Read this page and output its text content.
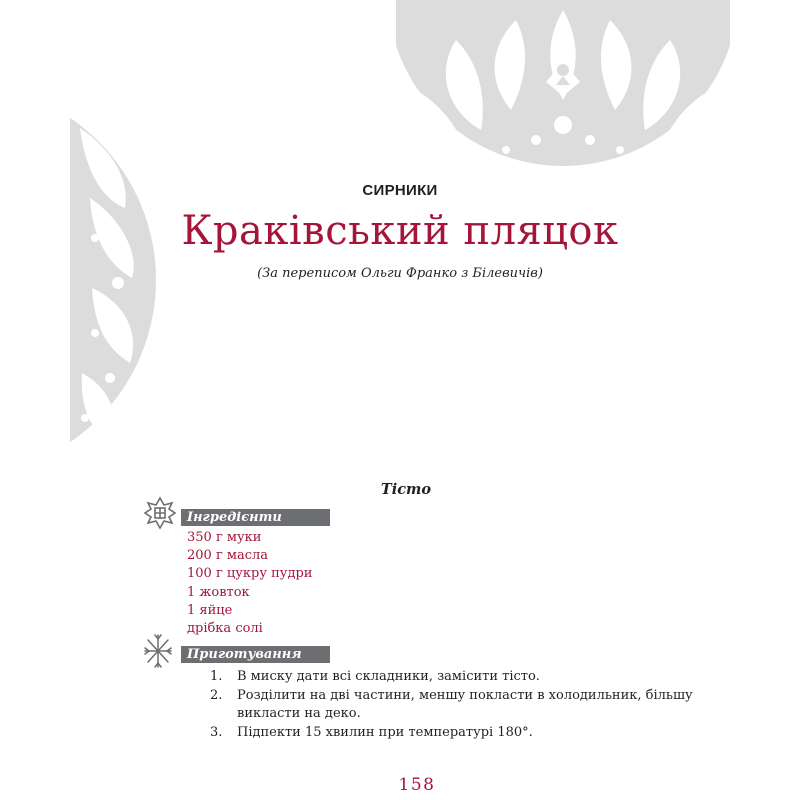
СИРНИКИ
Краківський пляцок
(За переписом Ольги Франко з Білевичів)
Тісто
Інгредієнти
350 г муки
200 г масла
100 г цукру пудри
1 жовток
1 яйце
дрібка солі
Приготування
1. В миску дати всі складники, замісити тісто.
2. Розділити на дві частини, меншу покласти в холодильник, більшу викласти на деко.
3. Підпекти 15 хвилин при температурі 180°.
158
